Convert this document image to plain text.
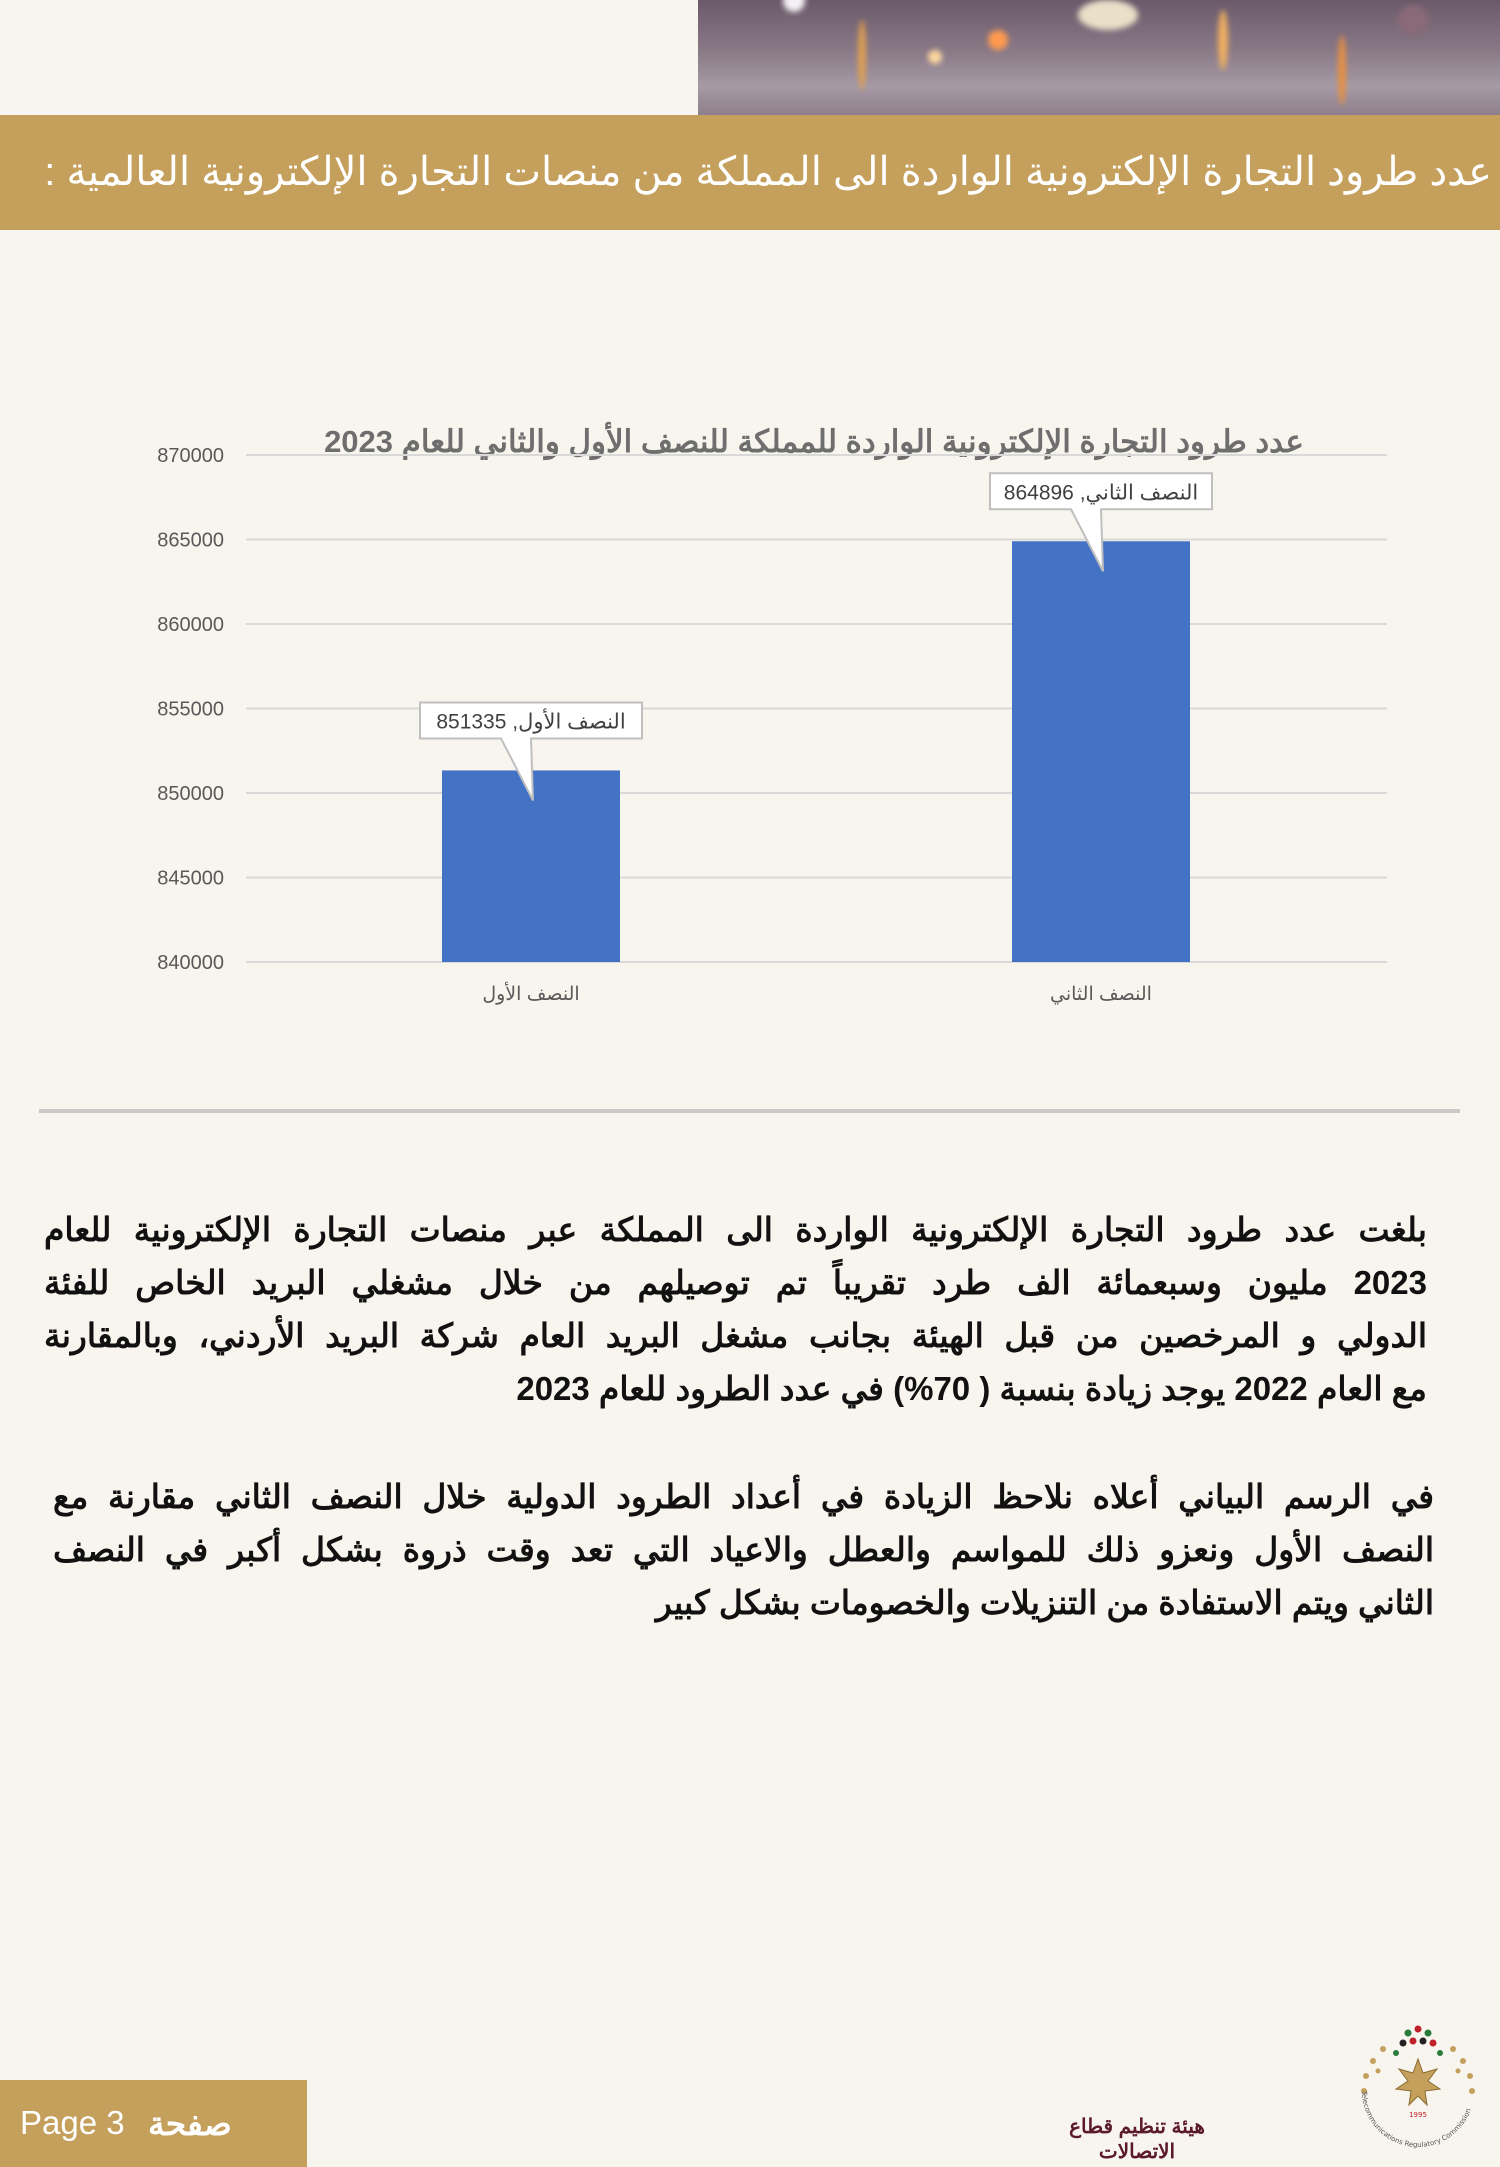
عدد طرود التجارة الإلكترونية الواردة الى المملكة من منصات التجارة الإلكترونية العالمية :
عدد طرود التجارة الإلكترونية الواردة للمملكة للنصف الأول والثاني للعام 2023
840000
845000
850000
855000
860000
865000
870000
النصف الأول
النصف الأول, 851335
النصف الثاني
النصف الثاني, 864896
بلغت عدد طرود التجارة الإلكترونية الواردة الى المملكة عبر منصات التجارة الإلكترونية للعام
2023 مليون وسبعمائة الف طرد تقريباً تم توصيلهم من خلال مشغلي البريد الخاص للفئة
الدولي و المرخصين من قبل الهيئة بجانب مشغل البريد العام شركة البريد الأردني، وبالمقارنة
مع العام 2022 يوجد زيادة بنسبة ( 70%) في عدد الطرود للعام 2023
في الرسم البياني أعلاه نلاحظ الزيادة في أعداد الطرود الدولية خلال النصف الثاني مقارنة مع
النصف الأول ونعزو ذلك للمواسم والعطل والاعياد التي تعد وقت ذروة بشكل أكبر في النصف
الثاني ويتم الاستفادة من التنزيلات والخصومات بشكل كبير
Page 3 صفحة	هيئة تنظيم قطاع الاتصالات
1995
Telecommunications Regulatory Commission
